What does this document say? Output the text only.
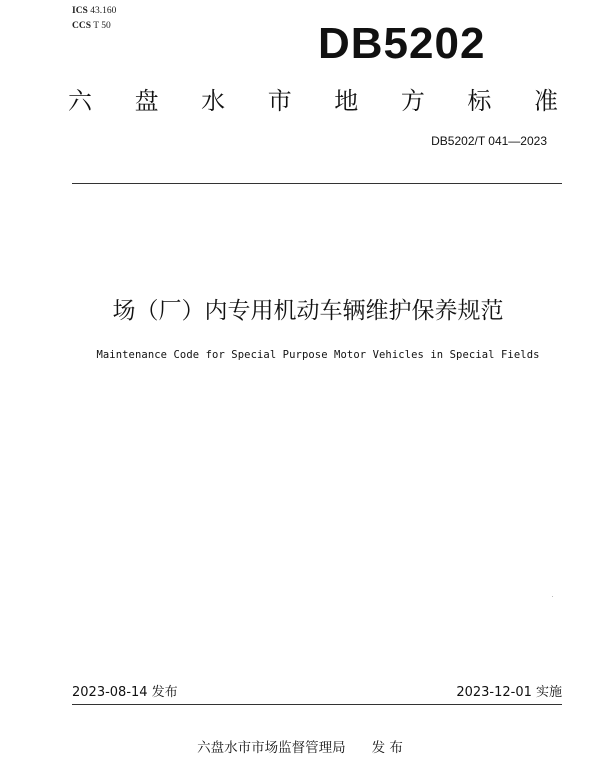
ICS 43.160
CCS T 50	DB5202
六 盘 水 市 地 方 标 准
DB5202/T 041—2023
场（厂）内专用机动车辆维护保养规范
Maintenance Code for Special Purpose Motor Vehicles in Special Fields
2023-08-14 发布	2023-12-01 实施
六盘水市市场监督管理局 发 布
